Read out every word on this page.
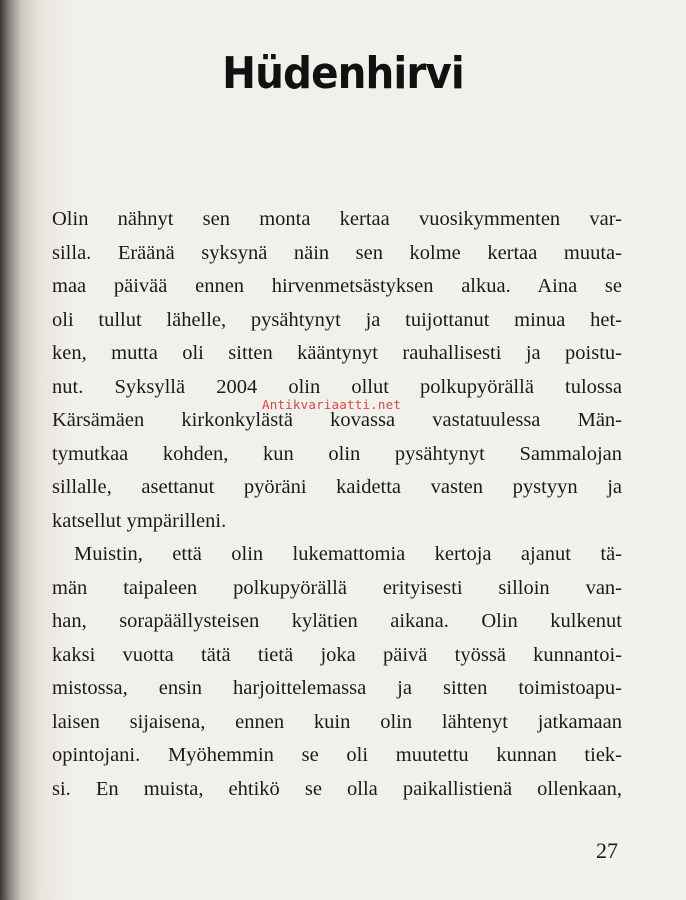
Hüdenhirvi
Olin nähnyt sen monta kertaa vuosikymmenten var-
silla. Eräänä syksynä näin sen kolme kertaa muuta-
maa päivää ennen hirvenmetsästyksen alkua. Aina se
oli tullut lähelle, pysähtynyt ja tuijottanut minua het-
ken, mutta oli sitten kääntynyt rauhallisesti ja poistu-
nut. Syksyllä 2004 olin ollut polkupyörällä tulossa
Kärsämäen kirkonkylästä kovassa vastatuulessa Män-
tymutkaa kohden, kun olin pysähtynyt Sammalojan
sillalle, asettanut pyöräni kaidetta vasten pystyyn ja
katsellut ympärilleni.
Muistin, että olin lukemattomia kertoja ajanut tä-
män taipaleen polkupyörällä erityisesti silloin van-
han, sorapäällysteisen kylätien aikana. Olin kulkenut
kaksi vuotta tätä tietä joka päivä työssä kunnantoi-
mistossa, ensin harjoittelemassa ja sitten toimistoapu-
laisen sijaisena, ennen kuin olin lähtenyt jatkamaan
opintojani. Myöhemmin se oli muutettu kunnan tiek-
si. En muista, ehtikö se olla paikallistienä ollenkaan,
Antikvariaatti.net
27
